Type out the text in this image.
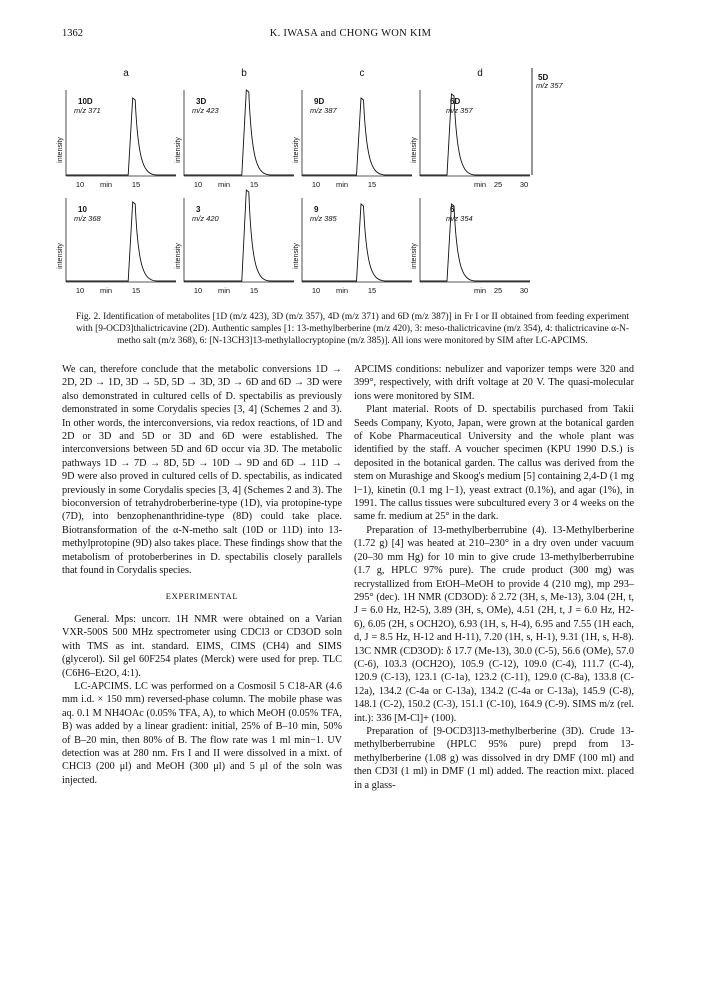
1362	K. IWASA and CHONG WON KIM
a
intensity
10D
m/z 371
10 min	15
intensity
10
m/z 368
10 min	15
b
intensity
3D
m/z 423
10 min	15
intensity
3
m/z 420
10 min	15
c
intensity
9D
m/z 387
10 min	15
intensity
9
m/z 385
10 min	15
d
intensity
6D
m/z 357
min 25 30
intensity
6
m/z 354
min 25 30
5D
m/z 357
Fig. 2. Identification of metabolites [1D (m/z 423), 3D (m/z 357), 4D (m/z 371) and 6D (m/z 387)] in Fr I or II obtained from feeding experiment with [9-OCD3]thalictricavine (2D). Authentic samples [1: 13-methylberberine (m/z 420), 3: meso-thalictricavine (m/z 354), 4: thalictricavine α-N-metho salt (m/z 368), 6: [N-13CH3]13-methylallocryptopine (m/z 385)]. All ions were monitored by SIM after LC-APCIMS.

We can, therefore conclude that the metabolic conversions 1D → 2D, 2D → 1D, 3D → 5D, 5D → 3D, 3D → 6D and 6D → 3D were also demonstrated in cultured cells of D. spectabilis as previously demonstrated in some Corydalis species [3, 4] (Schemes 2 and 3). In other words, the interconversions, via redox reactions, of 1D and 2D or 3D and 5D or 3D and 6D were established. The interconversions between 5D and 6D occur via 3D. The metabolic pathways 1D → 7D → 8D, 5D → 10D → 9D and 6D → 11D → 9D were also proved in cultured cells of D. spectabilis, as indicated previously in some Corydalis species [3, 4] (Schemes 2 and 3). The bioconversion of tetrahydroberberine-type (1D), via protopine-type (7D), into benzophenanthridine-type (8D) could take place. Biotransformation of the α-N-metho salt (10D or 11D) into 13-methylprotopine (9D) also takes place. These findings show that the metabolism of protoberberines in D. spectabilis closely parallels that found in Corydalis species.

EXPERIMENTAL

General. Mps: uncorr. 1H NMR were obtained on a Varian VXR-500S 500 MHz spectrometer using CDCl3 or CD3OD soln with TMS as int. standard. EIMS, CIMS (CH4) and SIMS (glycerol). Sil gel 60F254 plates (Merck) were used for prep. TLC (C6H6–Et2O, 4:1).

LC-APCIMS. LC was performed on a Cosmosil 5 C18-AR (4.6 mm i.d. × 150 mm) reversed-phase column. The mobile phase was aq. 0.1 M NH4OAc (0.05% TFA, A), to which MeOH (0.05% TFA, B) was added by a linear gradient: initial, 25% of B–10 min, 50% of B–20 min, then 80% of B. The flow rate was 1 ml min−1. UV detection was at 280 nm. Frs I and II were dissolved in a mixt. of CHCl3 (200 μl) and MeOH (300 μl) and 5 μl of the soln was injected.

APCIMS conditions: nebulizer and vaporizer temps were 320 and 399°, respectively, with drift voltage at 20 V. The quasi-molecular ions were monitored by SIM.

Plant material. Roots of D. spectabilis purchased from Takii Seeds Company, Kyoto, Japan, were grown at the botanical garden of Kobe Pharmaceutical University and the whole plant was identified by the staff. A voucher specimen (KPU 1990 D.S.) is deposited in the botanical garden. The callus was derived from the stem on Murashige and Skoog's medium [5] containing 2,4-D (1 mg l−1), kinetin (0.1 mg l−1), yeast extract (0.1%), and agar (1%), in 1991. The callus tissues were subcultured every 3 or 4 weeks on the same fr. medium at 25° in the dark.

Preparation of 13-methylberberrubine (4). 13-Methylberberine (1.72 g) [4] was heated at 210–230° in a dry oven under vacuum (20–30 mm Hg) for 10 min to give crude 13-methylberberrubine (1.7 g, HPLC 97% pure). The crude product (300 mg) was recrystallized from EtOH–MeOH to provide 4 (210 mg), mp 293–295° (dec). 1H NMR (CD3OD): δ 2.72 (3H, s, Me-13), 3.04 (2H, t, J = 6.0 Hz, H2-5), 3.89 (3H, s, OMe), 4.51 (2H, t, J = 6.0 Hz, H2-6), 6.05 (2H, s OCH2O), 6.93 (1H, s, H-4), 6.95 and 7.55 (1H each, d, J = 8.5 Hz, H-12 and H-11), 7.20 (1H, s, H-1), 9.31 (1H, s, H-8). 13C NMR (CD3OD): δ 17.7 (Me-13), 30.0 (C-5), 56.6 (OMe), 57.0 (C-6), 103.3 (OCH2O), 105.9 (C-12), 109.0 (C-4), 111.7 (C-4), 120.9 (C-13), 123.1 (C-1a), 123.2 (C-11), 129.0 (C-8a), 133.8 (C-12a), 134.2 (C-4a or C-13a), 134.2 (C-4a or C-13a), 145.9 (C-8), 148.1 (C-2), 150.2 (C-3), 151.1 (C-10), 164.9 (C-9). SIMS m/z (rel. int.): 336 [M-Cl]+ (100).

Preparation of [9-OCD3]13-methylberberine (3D). Crude 13-methylberberrubine (HPLC 95% pure) prepd from 13-methylberberine (1.08 g) was dissolved in dry DMF (100 ml) and then CD3I (1 ml) in DMF (1 ml) added. The reaction mixt. placed in a glass-
